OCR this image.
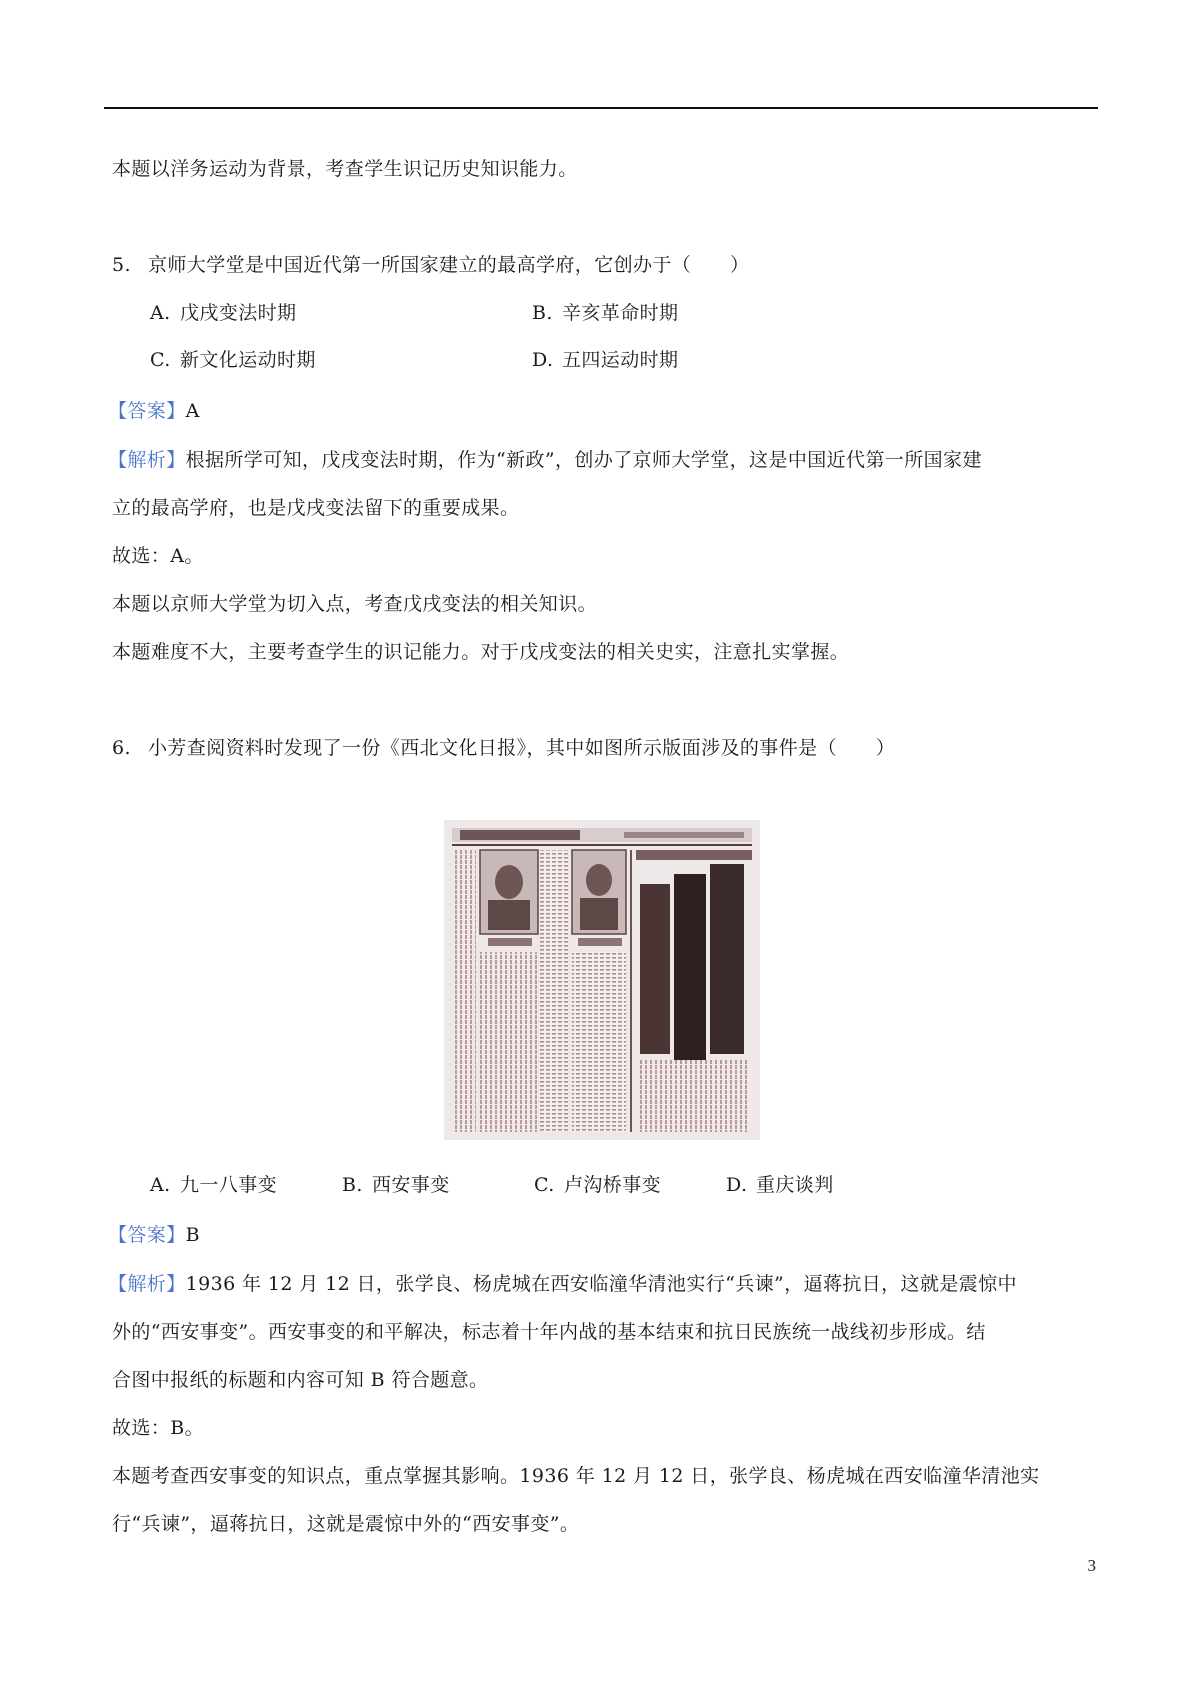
本题以洋务运动为背景，考查学生识记历史知识能力。
5. 京师大学堂是中国近代第一所国家建立的最高学府，它创办于（　　）
A. 戊戌变法时期	B. 辛亥革命时期
C. 新文化运动时期	D. 五四运动时期
【答案】A
【解析】根据所学可知，戊戌变法时期，作为“新政”，创办了京师大学堂，这是中国近代第一所国家建
立的最高学府，也是戊戌变法留下的重要成果。
故选：A。
本题以京师大学堂为切入点，考查戊戌变法的相关知识。
本题难度不大，主要考查学生的识记能力。对于戊戌变法的相关史实，注意扎实掌握。
6. 小芳查阅资料时发现了一份《西北文化日报》，其中如图所示版面涉及的事件是（　　）
A. 九一八事变	B. 西安事变	C. 卢沟桥事变	D. 重庆谈判
【答案】B
【解析】1936 年 12 月 12 日，张学良、杨虎城在西安临潼华清池实行“兵谏”，逼蒋抗日，这就是震惊中
外的“西安事变”。西安事变的和平解决，标志着十年内战的基本结束和抗日民族统一战线初步形成。结
合图中报纸的标题和内容可知 B 符合题意。
故选：B。
本题考查西安事变的知识点，重点掌握其影响。1936 年 12 月 12 日，张学良、杨虎城在西安临潼华清池实
行“兵谏”，逼蒋抗日，这就是震惊中外的“西安事变”。
3
